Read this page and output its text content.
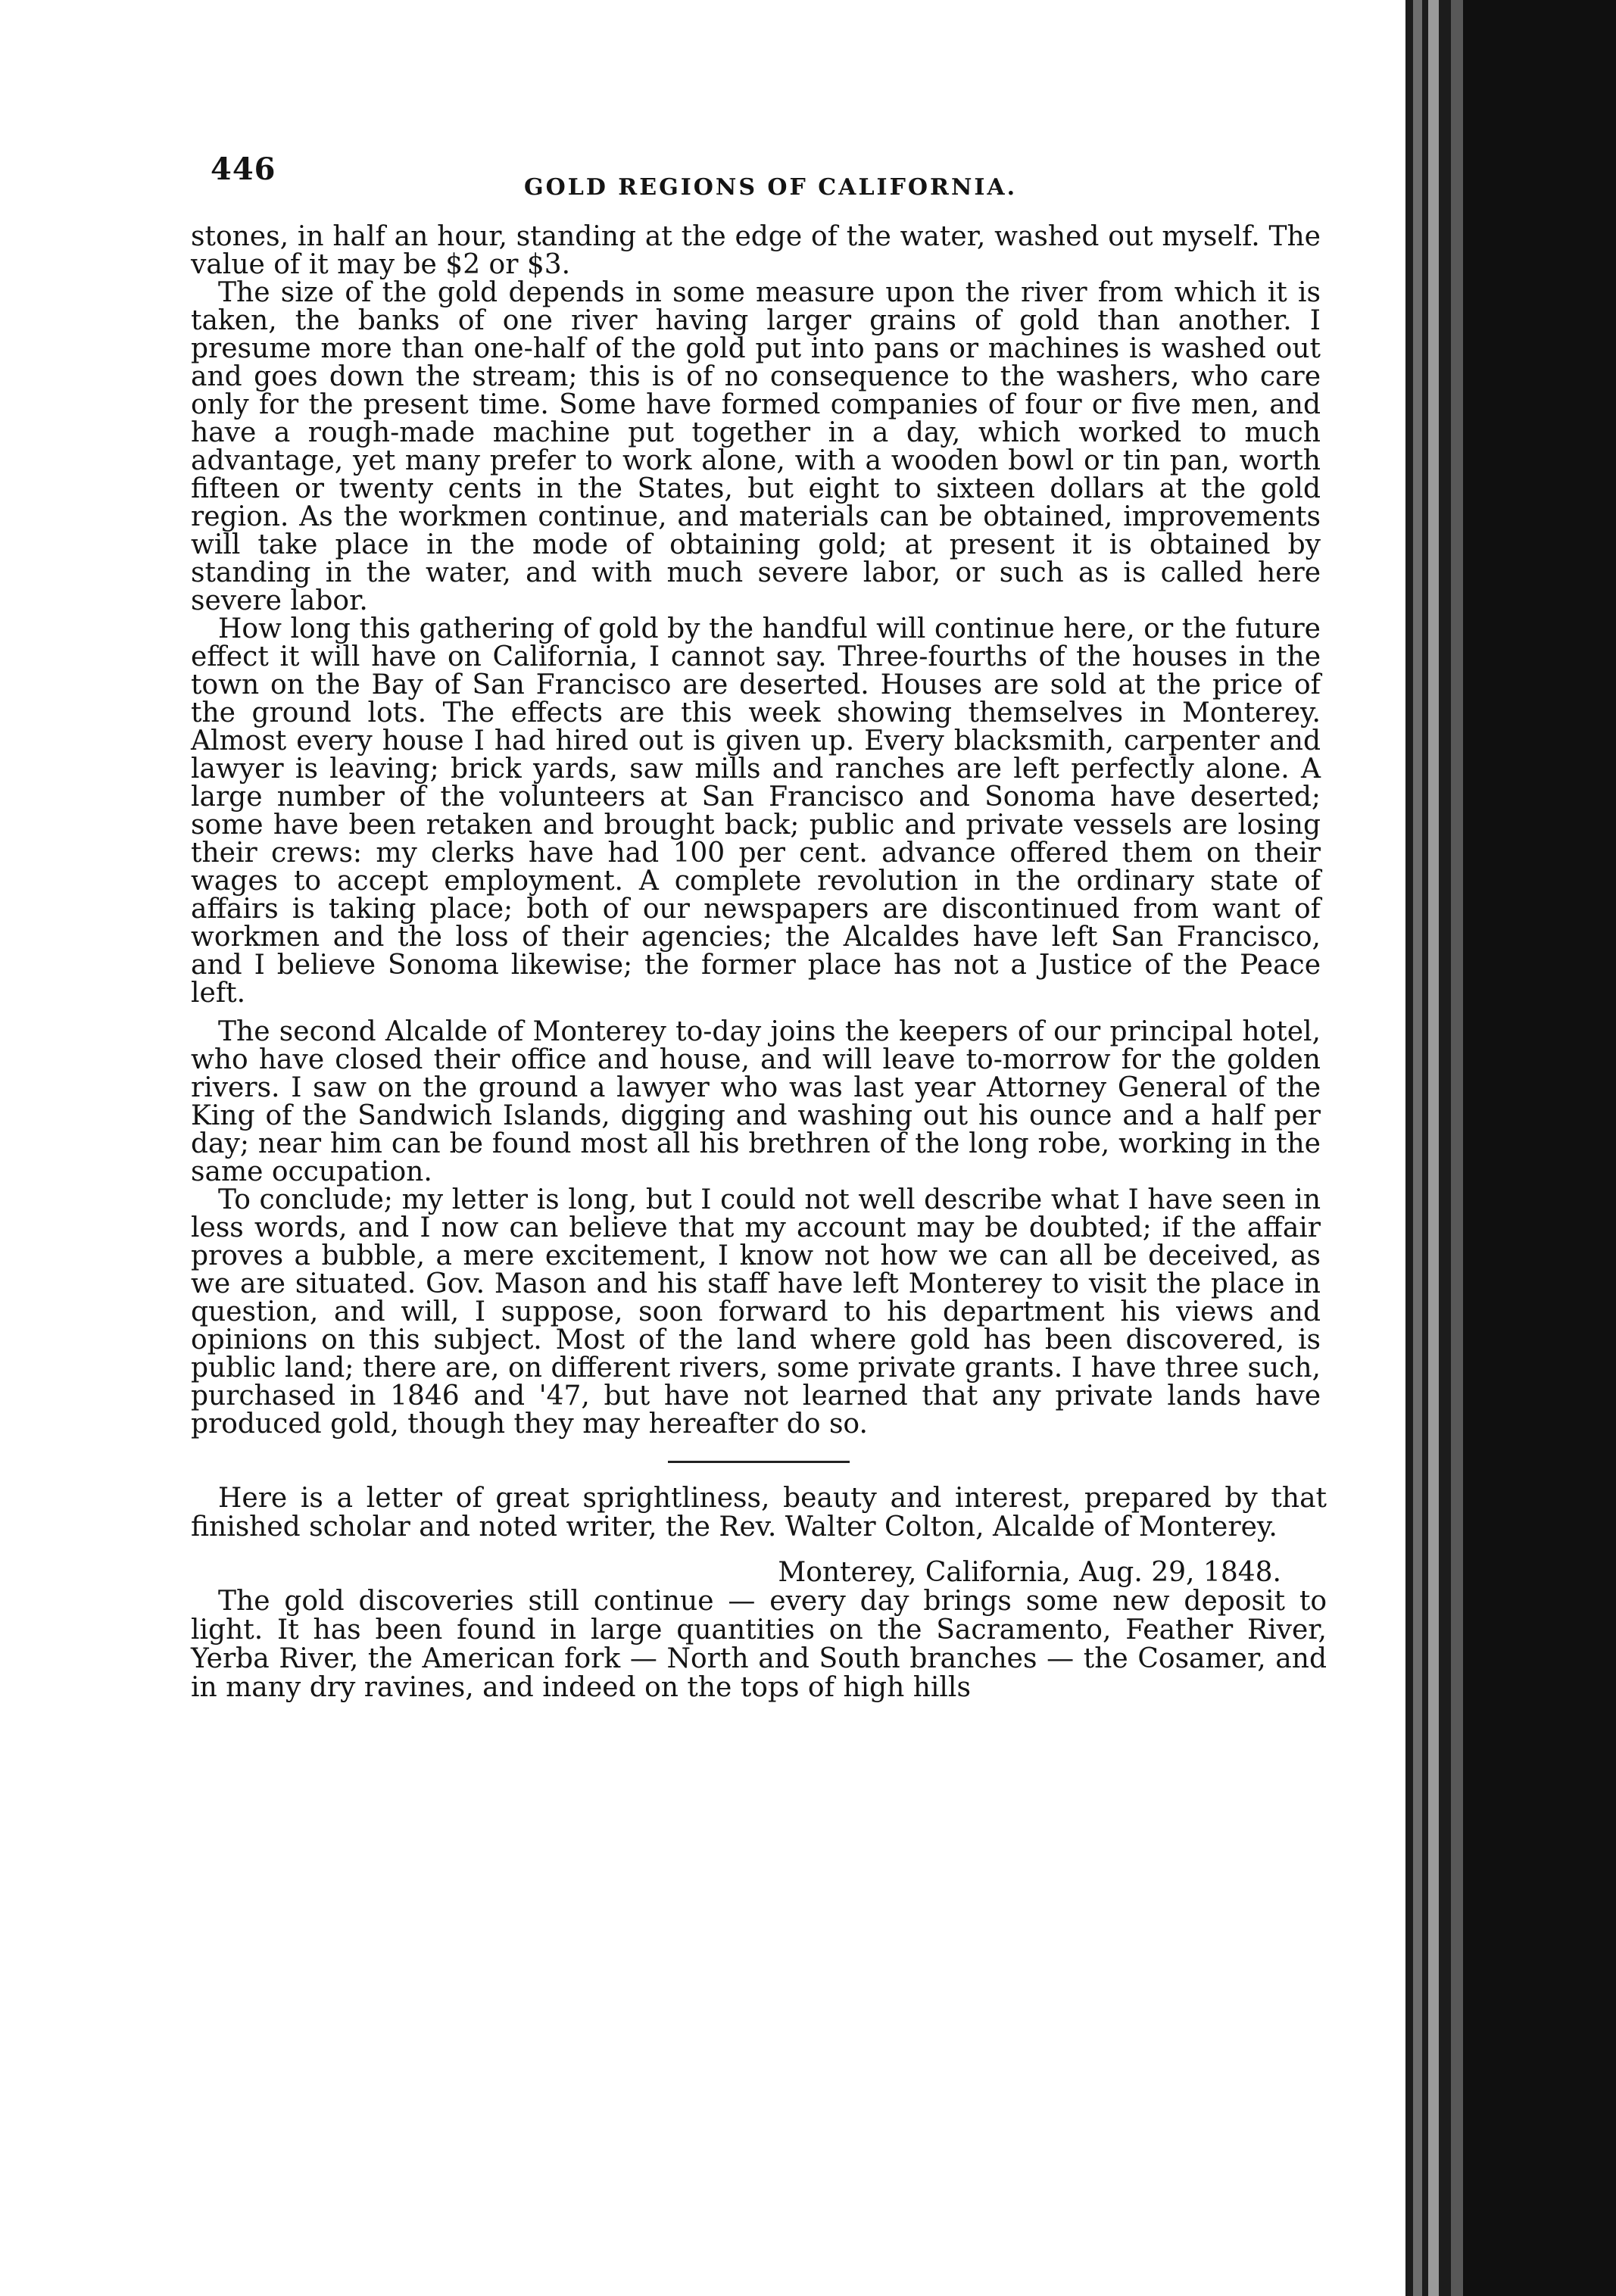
446
GOLD REGIONS OF CALIFORNIA.

stones, in half an hour, standing at the edge of the water, washed out myself. The value of it may be $2 or $3.

The size of the gold depends in some measure upon the river from which it is taken, the banks of one river having larger grains of gold than another. I presume more than one-half of the gold put into pans or machines is washed out and goes down the stream; this is of no consequence to the washers, who care only for the present time. Some have formed companies of four or five men, and have a rough-made machine put together in a day, which worked to much advantage, yet many prefer to work alone, with a wooden bowl or tin pan, worth fifteen or twenty cents in the States, but eight to sixteen dollars at the gold region. As the workmen continue, and materials can be obtained, improvements will take place in the mode of obtaining gold; at present it is obtained by standing in the water, and with much severe labor, or such as is called here severe labor.

How long this gathering of gold by the handful will continue here, or the future effect it will have on California, I cannot say. Three-fourths of the houses in the town on the Bay of San Francisco are deserted. Houses are sold at the price of the ground lots. The effects are this week showing themselves in Monterey. Almost every house I had hired out is given up. Every blacksmith, carpenter and lawyer is leaving; brick yards, saw mills and ranches are left perfectly alone. A large number of the volunteers at San Francisco and Sonoma have deserted; some have been retaken and brought back; public and private vessels are losing their crews: my clerks have had 100 per cent. advance offered them on their wages to accept employment. A complete revolution in the ordinary state of affairs is taking place; both of our newspapers are discontinued from want of workmen and the loss of their agencies; the Alcaldes have left San Francisco, and I believe Sonoma likewise; the former place has not a Justice of the Peace left.

The second Alcalde of Monterey to-day joins the keepers of our principal hotel, who have closed their office and house, and will leave to-morrow for the golden rivers. I saw on the ground a lawyer who was last year Attorney General of the King of the Sandwich Islands, digging and washing out his ounce and a half per day; near him can be found most all his brethren of the long robe, working in the same occupation.

To conclude; my letter is long, but I could not well describe what I have seen in less words, and I now can believe that my account may be doubted; if the affair proves a bubble, a mere excitement, I know not how we can all be deceived, as we are situated. Gov. Mason and his staff have left Monterey to visit the place in question, and will, I suppose, soon forward to his department his views and opinions on this subject. Most of the land where gold has been discovered, is public land; there are, on different rivers, some private grants. I have three such, purchased in 1846 and '47, but have not learned that any private lands have produced gold, though they may hereafter do so.

Here is a letter of great sprightliness, beauty and interest, prepared by that finished scholar and noted writer, the Rev. Walter Colton, Alcalde of Monterey.

Monterey, California, Aug. 29, 1848.

The gold discoveries still continue — every day brings some new deposit to light. It has been found in large quantities on the Sacramento, Feather River, Yerba River, the American fork — North and South branches — the Cosamer, and in many dry ravines, and indeed on the tops of high hills
